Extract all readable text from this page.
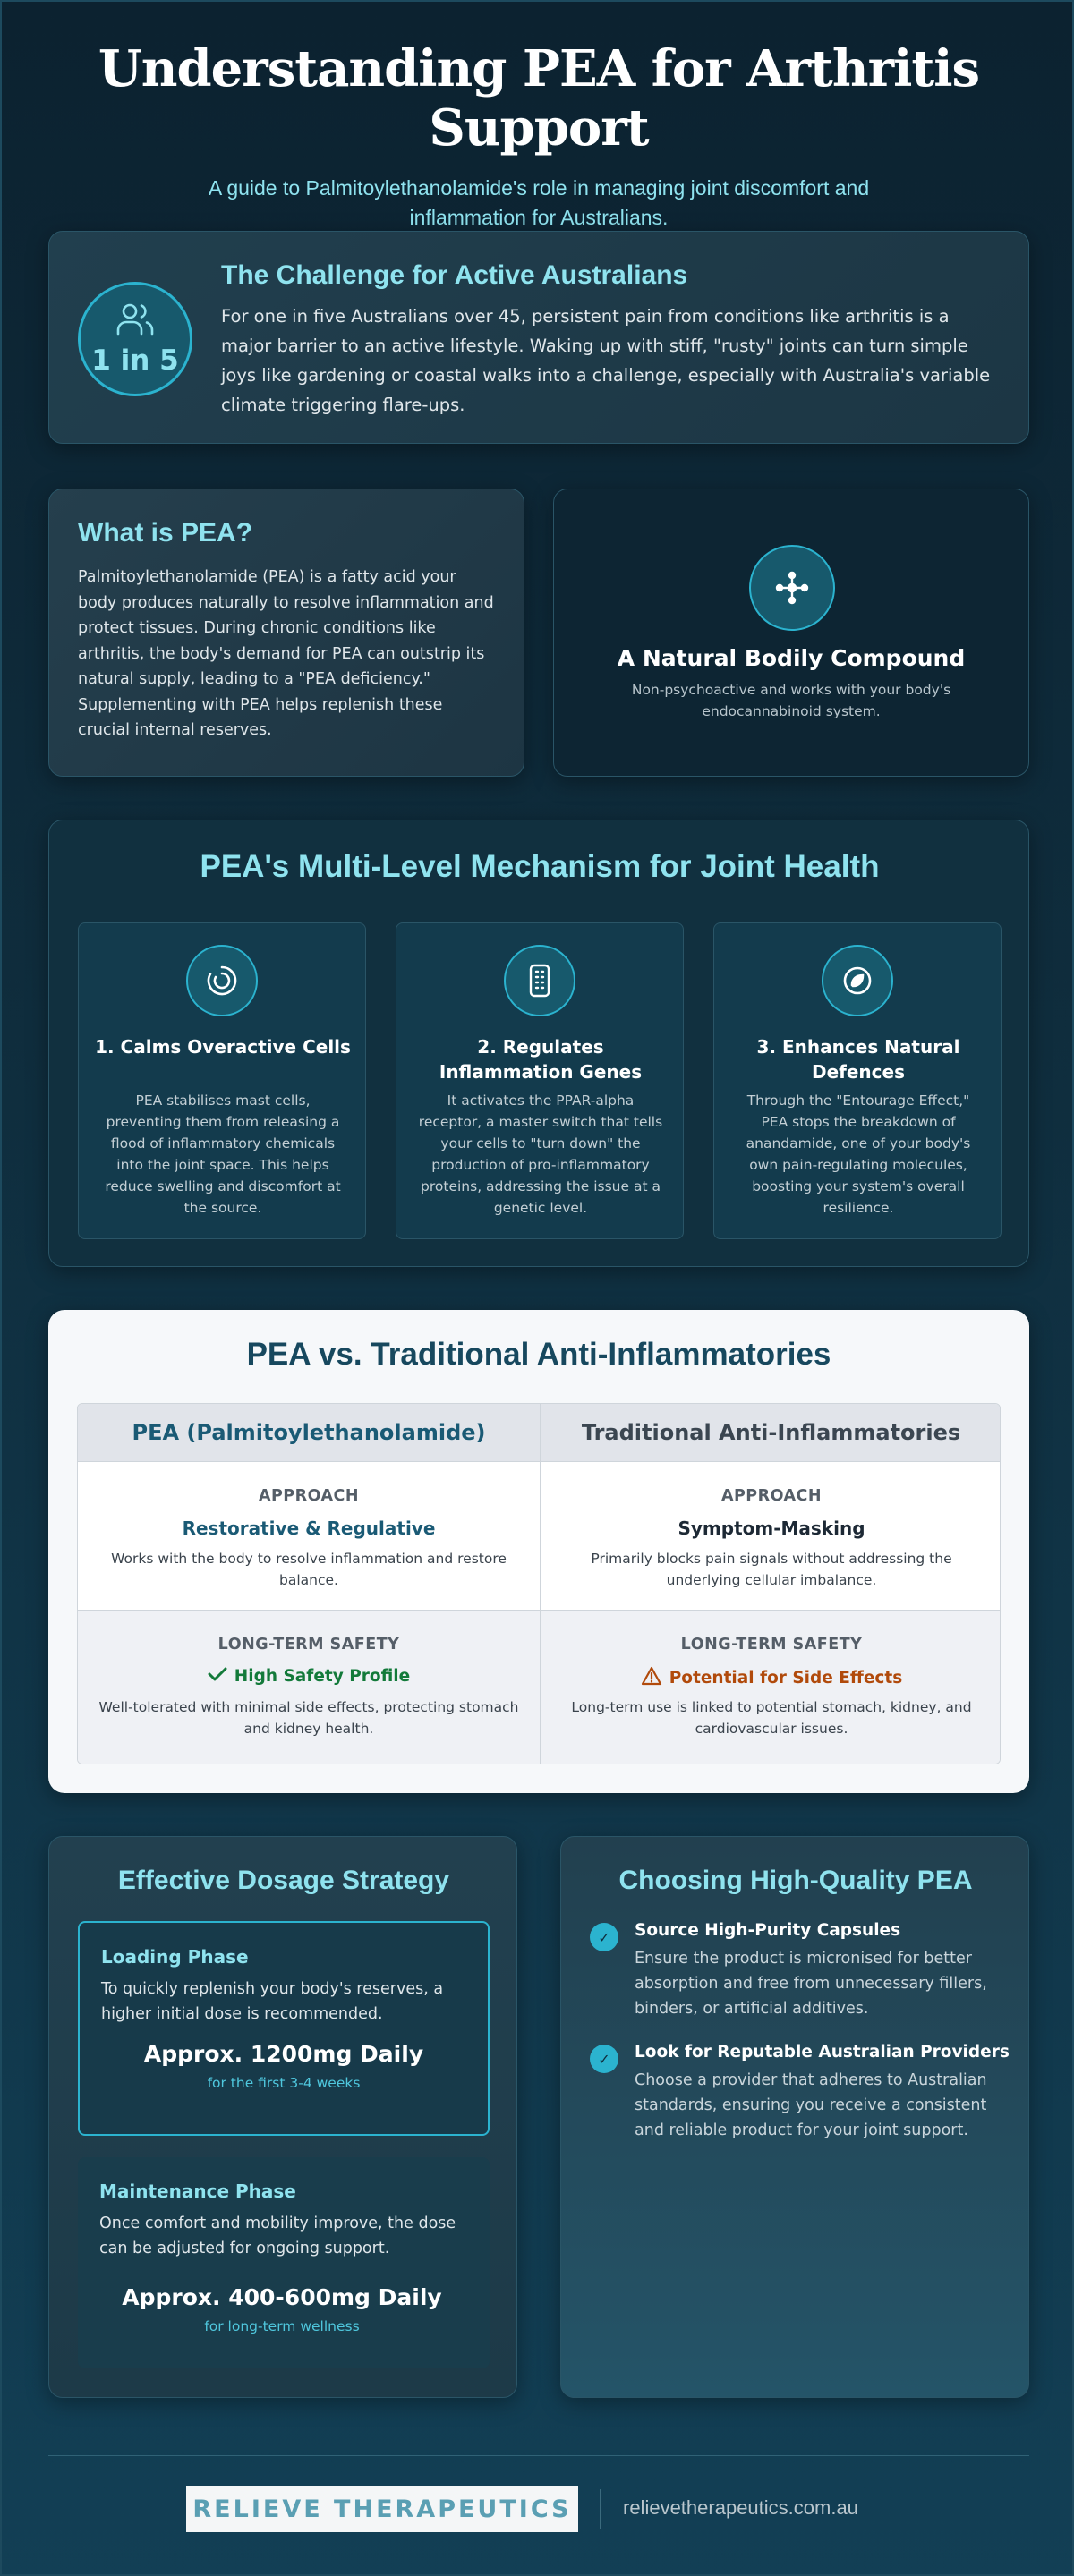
Understanding PEA for Arthritis Support

A guide to Palmitoylethanolamide's role in managing joint discomfort and inflammation for Australians.

1 in 5
The Challenge for Active Australians

For one in five Australians over 45, persistent pain from conditions like arthritis is a major barrier to an active lifestyle. Waking up with stiff, "rusty" joints can turn simple joys like gardening or coastal walks into a challenge, especially with Australia's variable climate triggering flare-ups.

What is PEA?

Palmitoylethanolamide (PEA) is a fatty acid your body produces naturally to resolve inflammation and protect tissues. During chronic conditions like arthritis, the body's demand for PEA can outstrip its natural supply, leading to a "PEA deficiency." Supplementing with PEA helps replenish these crucial internal reserves.

A Natural Bodily Compound

Non-psychoactive and works with your body's endocannabinoid system.

PEA's Multi-Level Mechanism for Joint Health
1. Calms Overactive Cells

PEA stabilises mast cells, preventing them from releasing a flood of inflammatory chemicals into the joint space. This helps reduce swelling and discomfort at the source.

2. Regulates Inflammation Genes

It activates the PPAR-alpha receptor, a master switch that tells your cells to "turn down" the production of pro-inflammatory proteins, addressing the issue at a genetic level.

3. Enhances Natural Defences

Through the "Entourage Effect," PEA stops the breakdown of anandamide, one of your body's own pain-regulating molecules, boosting your system's overall resilience.

PEA vs. Traditional Anti-Inflammatories
PEA (Palmitoylethanolamide)	Traditional Anti-Inflammatories
APPROACH
Restorative & Regulative
Works with the body to resolve inflammation and restore balance.
APPROACH
Symptom-Masking
Primarily blocks pain signals without addressing the underlying cellular imbalance.
LONG-TERM SAFETY
High Safety Profile
Well-tolerated with minimal side effects, protecting stomach and kidney health.
LONG-TERM SAFETY
Potential for Side Effects
Long-term use is linked to potential stomach, kidney, and cardiovascular issues.
Effective Dosage Strategy
Loading Phase

To quickly replenish your body's reserves, a higher initial dose is recommended.

Approx. 1200mg Daily
for the first 3-4 weeks
Maintenance Phase

Once comfort and mobility improve, the dose can be adjusted for ongoing support.

Approx. 400-600mg Daily
for long-term wellness
Choosing High-Quality PEA
✓	Source High-Purity Capsules

Ensure the product is micronised for better absorption and free from unnecessary fillers, binders, or artificial additives.

✓	Look for Reputable Australian Providers

Choose a provider that adheres to Australian standards, ensuring you receive a consistent and reliable product for your joint support.

RELIEVE THERAPEUTICS	relievetherapeutics.com.au
